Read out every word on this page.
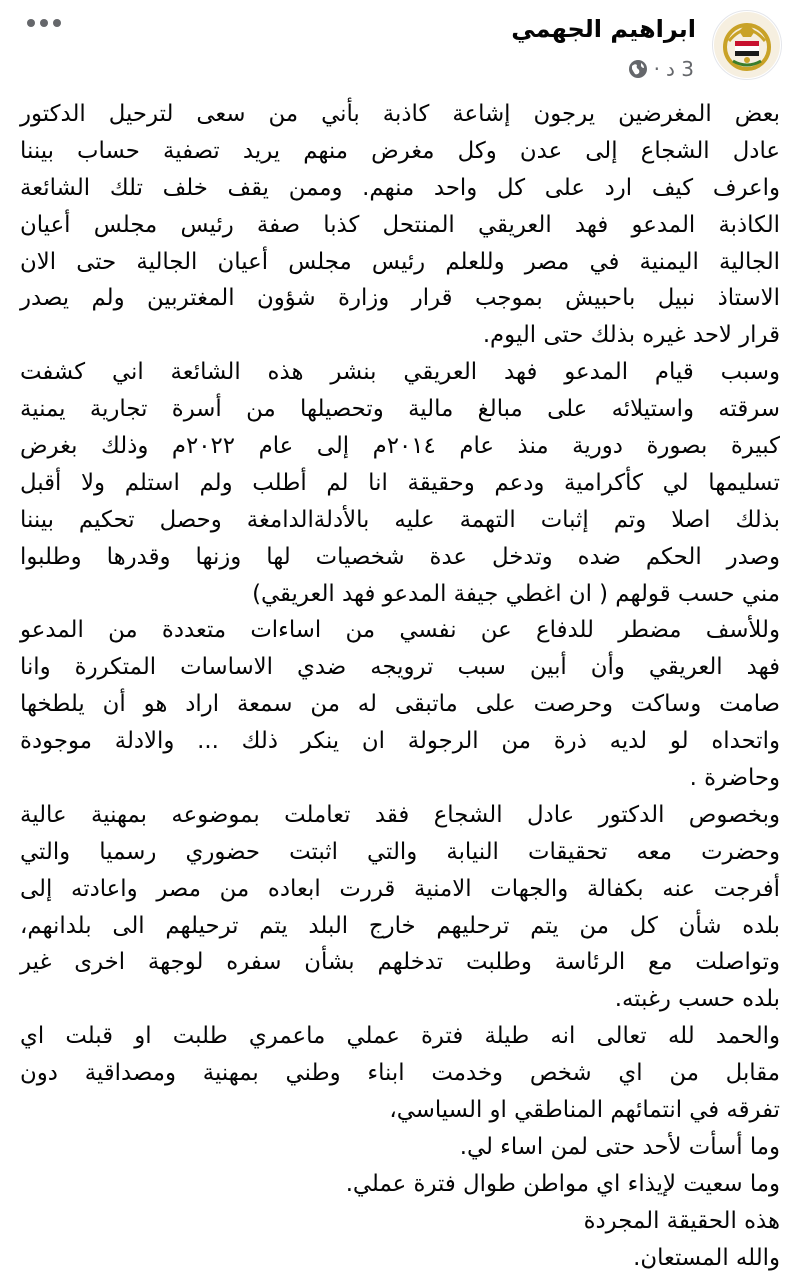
ابراهيم الجهمي
3 د
·
بعض المغرضين يرجون إشاعة كاذبة بأني من سعى لترحيل الدكتور
عادل الشجاع إلى عدن وكل مغرض منهم يريد تصفية حساب بيننا
واعرف كيف ارد على كل واحد منهم. وممن يقف خلف تلك الشائعة
الكاذبة المدعو فهد العريقي المنتحل كذبا صفة رئيس مجلس أعيان
الجالية اليمنية في مصر وللعلم رئيس مجلس أعيان الجالية حتى الان
الاستاذ نبيل باحبيش بموجب قرار وزارة شؤون المغتربين ولم يصدر
قرار لاحد غيره بذلك حتى اليوم.
وسبب قيام المدعو فهد العريقي بنشر هذه الشائعة اني كشفت
سرقته واستيلائه على مبالغ مالية وتحصيلها من أسرة تجارية يمنية
كبيرة بصورة دورية منذ عام ٢٠١٤م إلى عام ٢٠٢٢م وذلك بغرض
تسليمها لي كأكرامية ودعم وحقيقة انا لم أطلب ولم استلم ولا أقبل
بذلك اصلا وتم إثبات التهمة عليه بالأدلةالدامغة وحصل تحكيم بيننا
وصدر الحكم ضده وتدخل عدة شخصيات لها وزنها وقدرها وطلبوا
مني حسب قولهم ( ان اغطي جيفة المدعو فهد العريقي)
وللأسف مضطر للدفاع عن نفسي من اساءات متعددة من المدعو
فهد العريقي وأن أبين سبب ترويجه ضدي الاساسات المتكررة وانا
صامت وساكت وحرصت على ماتبقى له من سمعة اراد هو أن يلطخها
واتحداه لو لديه ذرة من الرجولة ان ينكر ذلك ... والادلة موجودة
وحاضرة .
وبخصوص الدكتور عادل الشجاع فقد تعاملت بموضوعه بمهنية عالية
وحضرت معه تحقيقات النيابة والتي اثبتت حضوري رسميا والتي
أفرجت عنه بكفالة والجهات الامنية قررت ابعاده من مصر واعادته إلى
بلده شأن كل من يتم ترحليهم خارج البلد يتم ترحيلهم الى بلدانهم،
وتواصلت مع الرئاسة وطلبت تدخلهم بشأن سفره لوجهة اخرى غير
بلده حسب رغبته.
والحمد لله تعالى انه طيلة فترة عملي ماعمري طلبت او قبلت اي
مقابل من اي شخص وخدمت ابناء وطني بمهنية ومصداقية دون
تفرقه في انتمائهم المناطقي او السياسي،
وما أسأت لأحد حتى لمن اساء لي.
وما سعيت لإيذاء اي مواطن طوال فترة عملي.
هذه الحقيقة المجردة
والله المستعان.
